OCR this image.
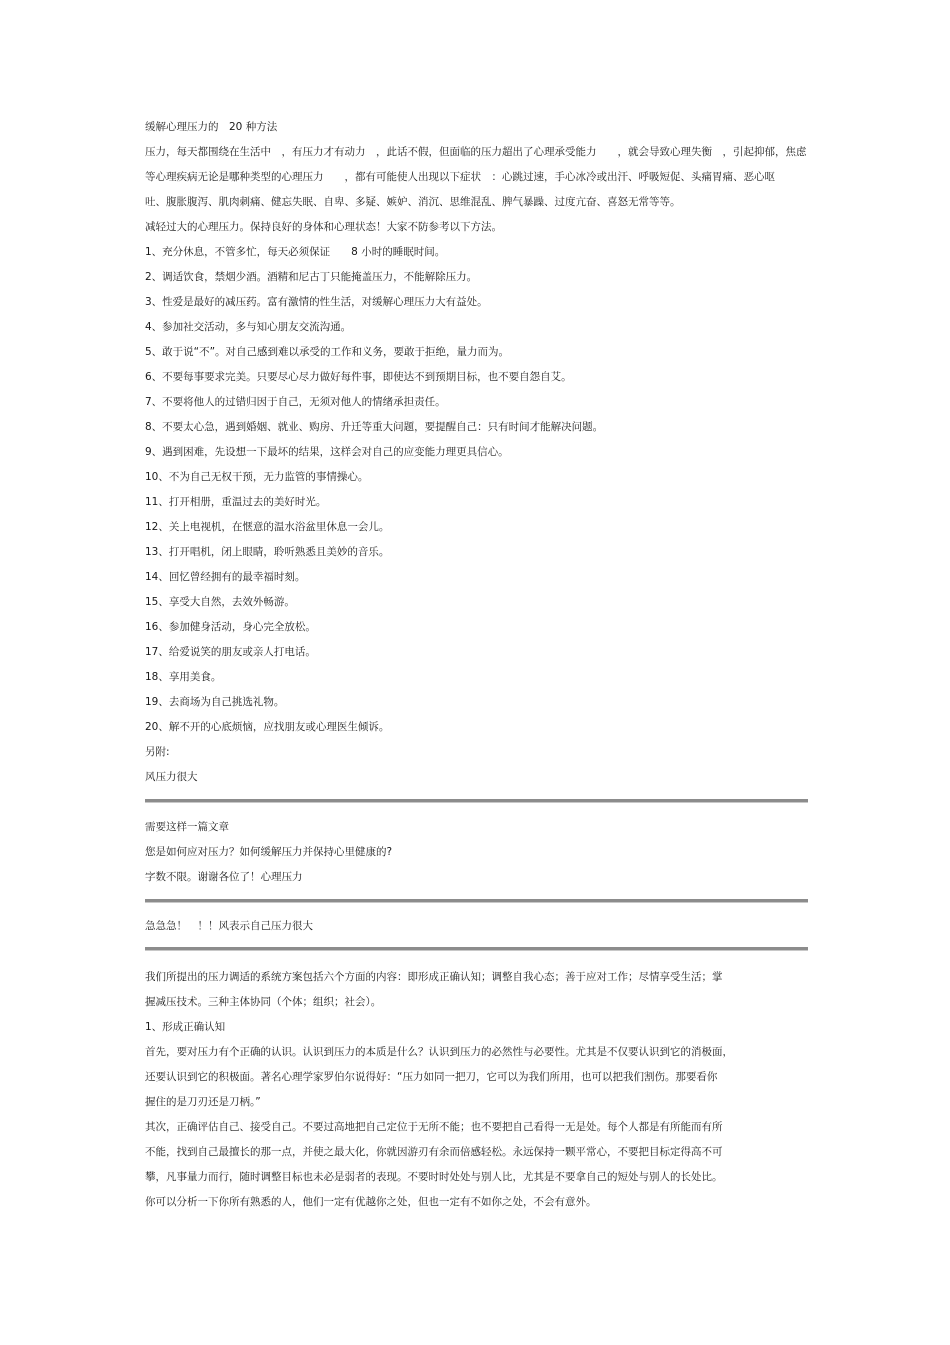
缓解心理压力的　20 种方法

压力，每天都围绕在生活中　，有压力才有动力　，此话不假，但面临的压力超出了心理承受能力　　，就会导致心理失衡　，引起抑郁，焦虑

等心理疾病无论是哪种类型的心理压力　　，都有可能使人出现以下症状　：心跳过速，手心冰冷或出汗、呼吸短促、头痛胃痛、恶心呕

吐、腹胀腹泻、肌肉刺痛、健忘失眠、自卑、多疑、嫉妒、消沉、思维混乱、脾气暴躁、过度亢奋、喜怒无常等等。

减轻过大的心理压力。保持良好的身体和心理状态！大家不防参考以下方法。

1、充分休息，不管多忙，每天必须保证　　8 小时的睡眠时间。

2、调适饮食，禁烟少酒。酒精和尼古丁只能掩盖压力，不能解除压力。

3、性爱是最好的减压药。富有激情的性生活，对缓解心理压力大有益处。

4、参加社交活动，多与知心朋友交流沟通。

5、敢于说“不”。对自己感到难以承受的工作和义务，要敢于拒绝，量力而为。

6、不要每事要求完美。只要尽心尽力做好每件事，即使达不到预期目标，也不要自怨自艾。

7、不要将他人的过错归因于自己，无须对他人的情绪承担责任。

8、不要太心急，遇到婚姻、就业、购房、升迁等重大问题，要提醒自己：只有时间才能解决问题。

9、遇到困难，先设想一下最坏的结果，这样会对自己的应变能力理更具信心。

10、不为自己无权干预，无力监管的事情操心。

11、打开相册，重温过去的美好时光。

12、关上电视机，在惬意的温水浴盆里休息一会儿。

13、打开唱机，闭上眼睛，聆听熟悉且美妙的音乐。

14、回忆曾经拥有的最幸福时刻。

15、享受大自然，去效外畅游。

16、参加健身活动，身心完全放松。

17、给爱说笑的朋友或亲人打电话。

18、享用美食。

19、去商场为自己挑选礼物。

20、解不开的心底烦恼，应找朋友或心理医生倾诉。

另附:

风压力很大

需要这样一篇文章

您是如何应对压力？如何缓解压力并保持心里健康的?

字数不限。谢谢各位了！心理压力

急急急！　！！风表示自己压力很大

我们所提出的压力调适的系统方案包括六个方面的内容：即形成正确认知；调整自我心态；善于应对工作；尽情享受生活；掌

握减压技术。三种主体协同（个体；组织；社会）。

1、形成正确认知

首先，要对压力有个正确的认识。认识到压力的本质是什么？认识到压力的必然性与必要性。尤其是不仅要认识到它的消极面，

还要认识到它的积极面。著名心理学家罗伯尔说得好：“压力如同一把刀，它可以为我们所用，也可以把我们割伤。那要看你

握住的是刀刃还是刀柄。”

其次，正确评估自己、接受自己。不要过高地把自己定位于无所不能；也不要把自己看得一无是处。每个人都是有所能而有所

不能，找到自己最擅长的那一点，并使之最大化，你就因游刃有余而倍感轻松。永远保持一颗平常心，不要把目标定得高不可

攀，凡事量力而行，随时调整目标也未必是弱者的表现。不要时时处处与别人比，尤其是不要拿自己的短处与别人的长处比。

你可以分析一下你所有熟悉的人，他们一定有优越你之处，但也一定有不如你之处，不会有意外。
